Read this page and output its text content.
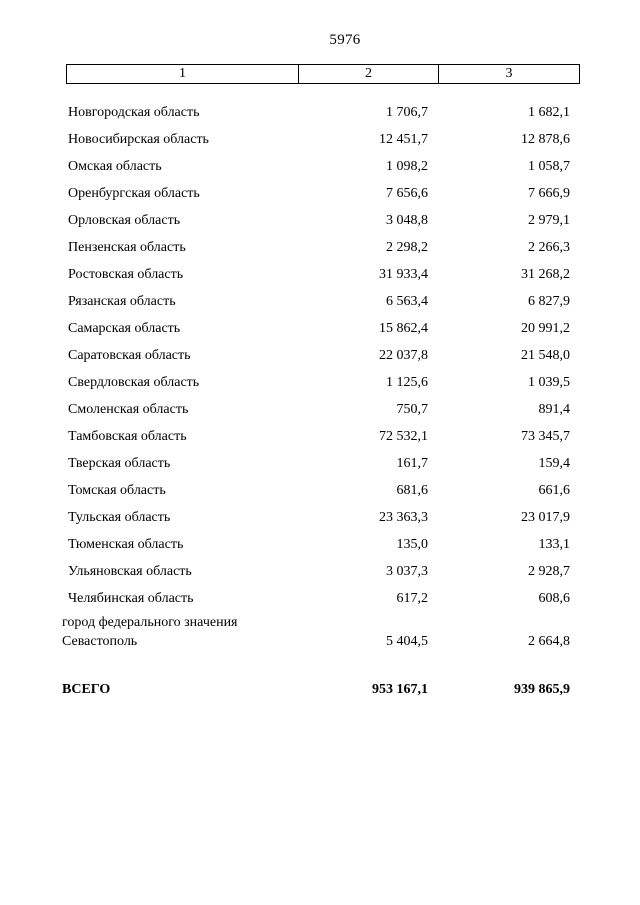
5976
1	2	3
Новгородская область	1 706,7	1 682,1
Новосибирская область	12 451,7	12 878,6
Омская область	1 098,2	1 058,7
Оренбургская область	7 656,6	7 666,9
Орловская область	3 048,8	2 979,1
Пензенская область	2 298,2	2 266,3
Ростовская область	31 933,4	31 268,2
Рязанская область	6 563,4	6 827,9
Самарская область	15 862,4	20 991,2
Саратовская область	22 037,8	21 548,0
Свердловская область	1 125,6	1 039,5
Смоленская область	750,7	891,4
Тамбовская область	72 532,1	73 345,7
Тверская область	161,7	159,4
Томская область	681,6	661,6
Тульская область	23 363,3	23 017,9
Тюменская область	135,0	133,1
Ульяновская область	3 037,3	2 928,7
Челябинская область	617,2	608,6
город федерального значения
Севастополь	5 404,5	2 664,8
ВСЕГО	953 167,1	939 865,9
